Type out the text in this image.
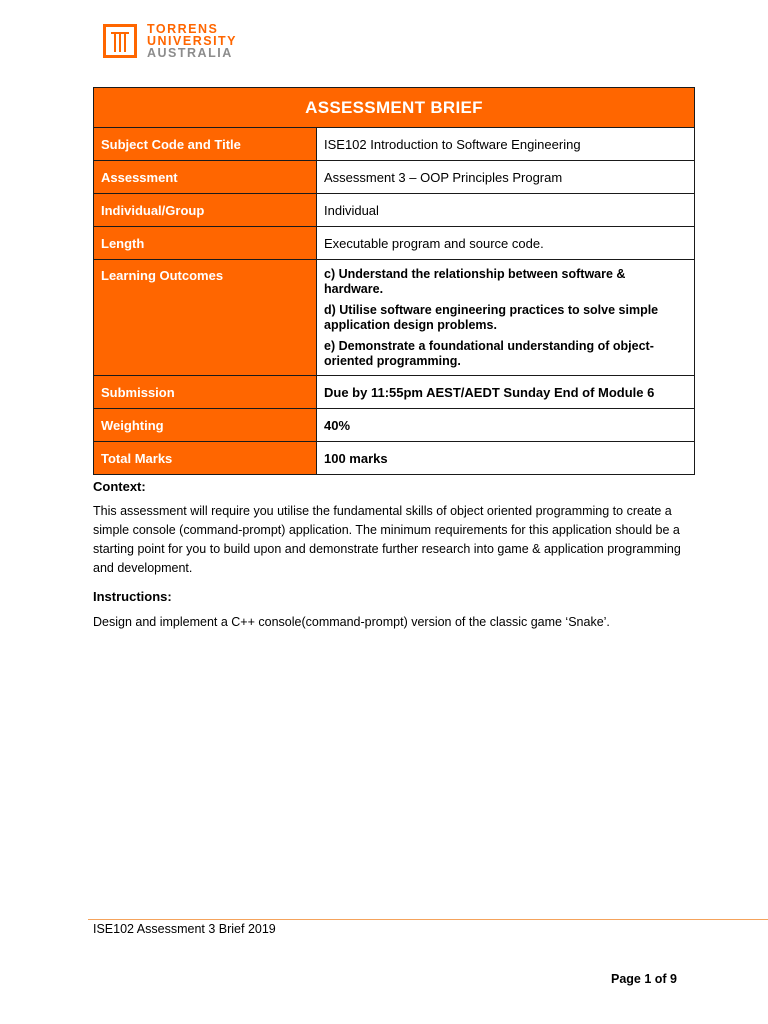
TORRENS
UNIVERSITY
AUSTRALIA
ASSESSMENT BRIEF	
Subject Code and Title	ISE102 Introduction to Software Engineering
Assessment	Assessment 3 – OOP Principles Program
Individual/Group	Individual
Length	Executable program and source code.
Learning Outcomes	c) Understand the relationship between software & hardware.

d) Utilise software engineering practices to solve simple application design problems.

e) Demonstrate a foundational understanding of object-oriented programming.

Submission	Due by 11:55pm AEST/AEDT Sunday End of Module 6
Weighting	40%
Total Marks	100 marks
Context:
This assessment will require you utilise the fundamental skills of object oriented programming to create a simple console (command-prompt) application. The minimum requirements for this application should be a starting point for you to build upon and demonstrate further research into game & application programming and development.
Instructions:
Design and implement a C++ console(command-prompt) version of the classic game ‘Snake’.
ISE102 Assessment 3 Brief 2019
Page 1 of 9
